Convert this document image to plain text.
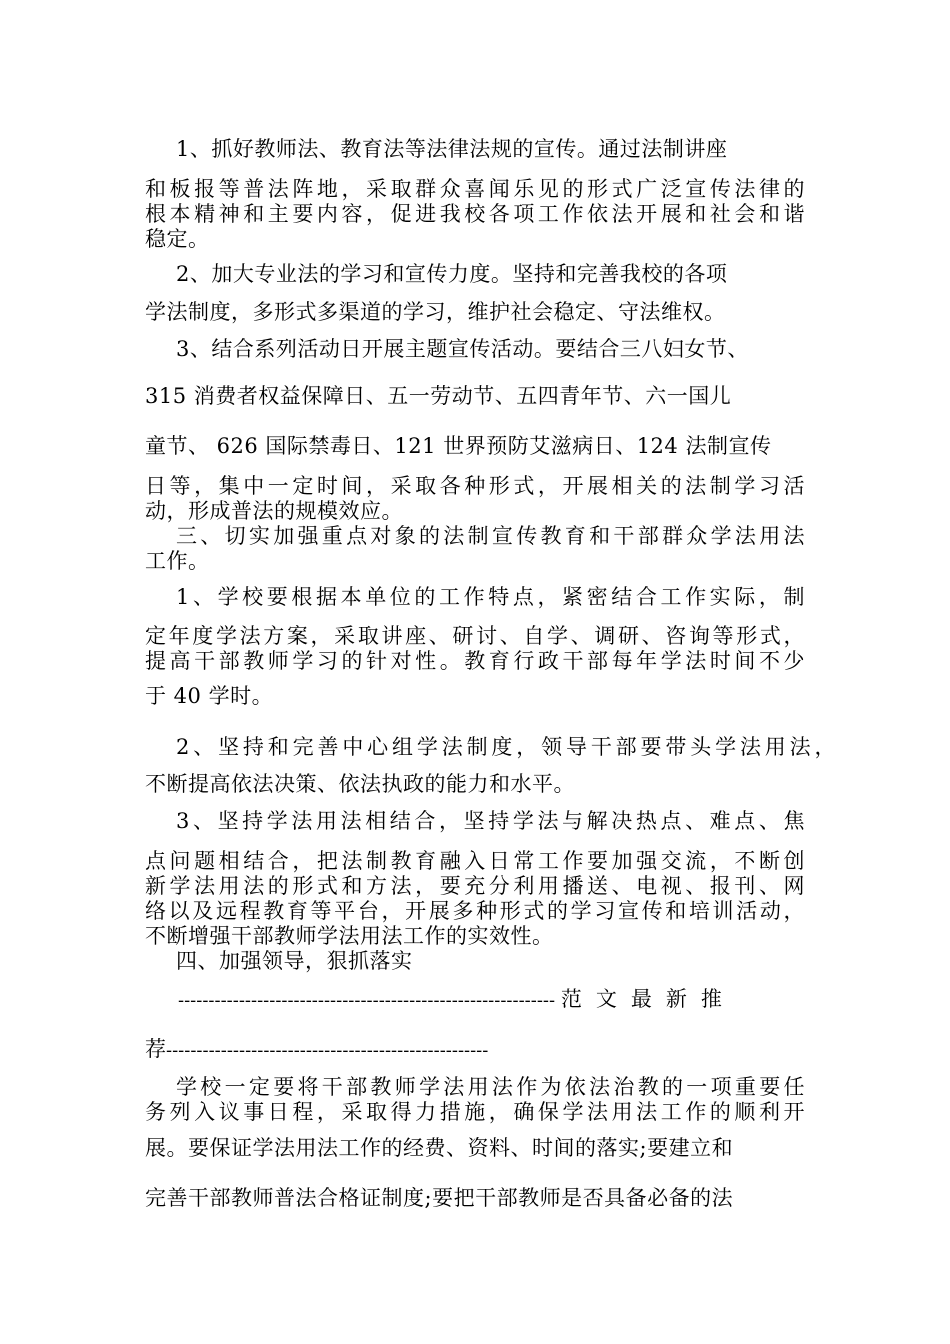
1、抓好教师法、教育法等法律法规的宣传。通过法制讲座
和板报等普法阵地，采取群众喜闻乐见的形式广泛宣传法律的
根本精神和主要内容，促进我校各项工作依法开展和社会和谐
稳定。
2、加大专业法的学习和宣传力度。坚持和完善我校的各项
学法制度，多形式多渠道的学习，维护社会稳定、守法维权。
3、结合系列活动日开展主题宣传活动。要结合三八妇女节、
315 消费者权益保障日、五一劳动节、五四青年节、六一国儿
童节、 626 国际禁毒日、121 世界预防艾滋病日、124 法制宣传
日等，集中一定时间，采取各种形式，开展相关的法制学习活
动，形成普法的规模效应。
三、切实加强重点对象的法制宣传教育和干部群众学法用法
工作。
1、学校要根据本单位的工作特点，紧密结合工作实际，制
定年度学法方案，采取讲座、研讨、自学、调研、咨询等形式，
提高干部教师学习的针对性。教育行政干部每年学法时间不少
于 40 学时。
2、坚持和完善中心组学法制度，领导干部要带头学法用法，
不断提高依法决策、依法执政的能力和水平。
3、坚持学法用法相结合，坚持学法与解决热点、难点、焦
点问题相结合，把法制教育融入日常工作要加强交流，不断创
新学法用法的形式和方法，要充分利用播送、电视、报刊、网
络以及远程教育等平台，开展多种形式的学习宣传和培训活动，
不断增强干部教师学法用法工作的实效性。
四、加强领导，狠抓落实
-------------------------------------------------------------- 范文最新推
荐-----------------------------------------------------
学校一定要将干部教师学法用法作为依法治教的一项重要任
务列入议事日程，采取得力措施，确保学法用法工作的顺利开
展。要保证学法用法工作的经费、资料、时间的落实;要建立和
完善干部教师普法合格证制度;要把干部教师是否具备必备的法
